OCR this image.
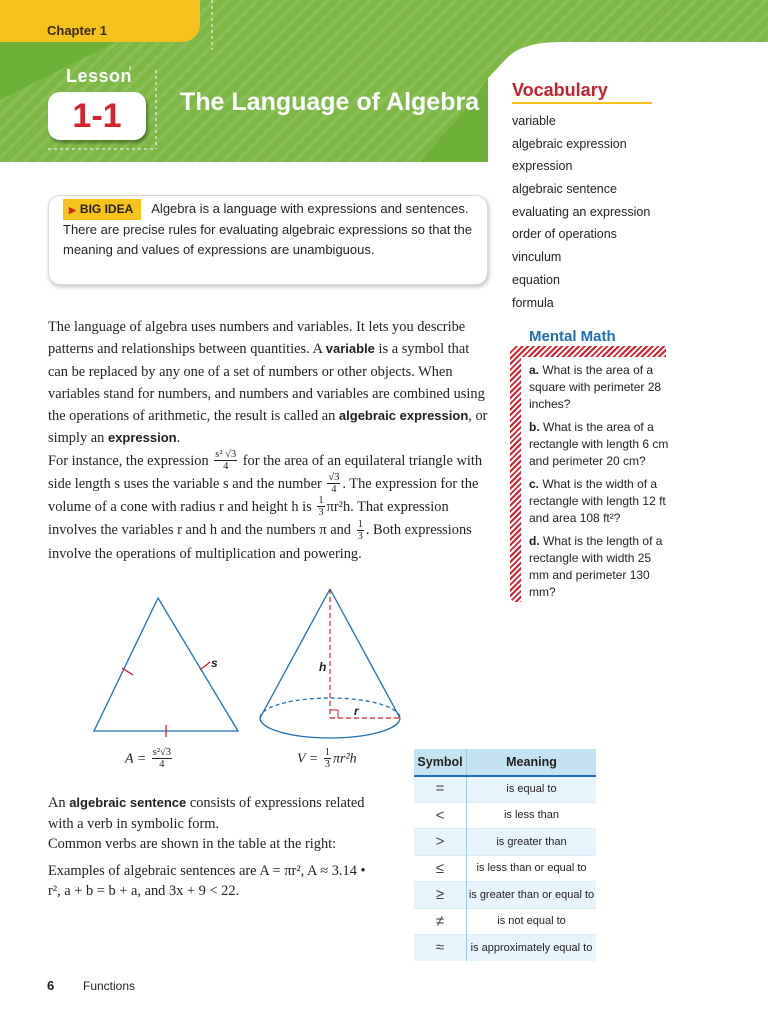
Chapter 1
Lesson
1-1	The Language of Algebra Vocabulary
variable
algebraic expression
expression
algebraic sentence
evaluating an expression
order of operations
vinculum
equation
formula
▶ BIG IDEA Algebra is a language with expressions and sentences. There are precise rules for evaluating algebraic expressions so that the meaning and values of expressions are unambiguous.

The language of algebra uses numbers and variables. It lets you describe patterns and relationships between quantities. A variable is a symbol that can be replaced by any one of a set of numbers or other objects. When variables stand for numbers, and numbers and variables are combined using the operations of arithmetic, the result is called an algebraic expression, or simply an expression.

For instance, the expression $\frac{\text{s² √3}}{4}$ for the area of an equilateral triangle with side length s uses the variable s and the number $\frac{√3}{4}$ . The expression for the volume of a cone with radius r and height h is $\frac{1}{3} \pi r^2h$. That expression involves the variables r and h and the numbers π and $\frac{1}{3}$ . Both expressions involve the operations of multiplication and powering.

Mental Math
a. What is the area of a square with perimeter 28 inches?
b. What is the area of a rectangle with length 6 cm and perimeter 20 cm?
c. What is the width of a rectangle with length 12 ft and area 108 ft²?
d. What is the length of a rectangle with width 25 mm and perimeter 130 mm?
s	h
r
$A = \frac{\text{s²√3}}{4}$	$V = \frac{1}{3} \pi r^2h$

An algebraic sentence consists of expressions related with a verb in symbolic form.
Common verbs are shown in the table at the right:

Examples of algebraic sentences are A = πr², A ≈ 3.14 • r², a + b = b + a, and 3x + 9 < 22.

Symbol	Meaning
=	is equal to
<	is less than
>	is greater than
≤	is less than or equal to
≥	is greater than or equal to
≠	is not equal to
≈	is approximately equal to
6 Functions
